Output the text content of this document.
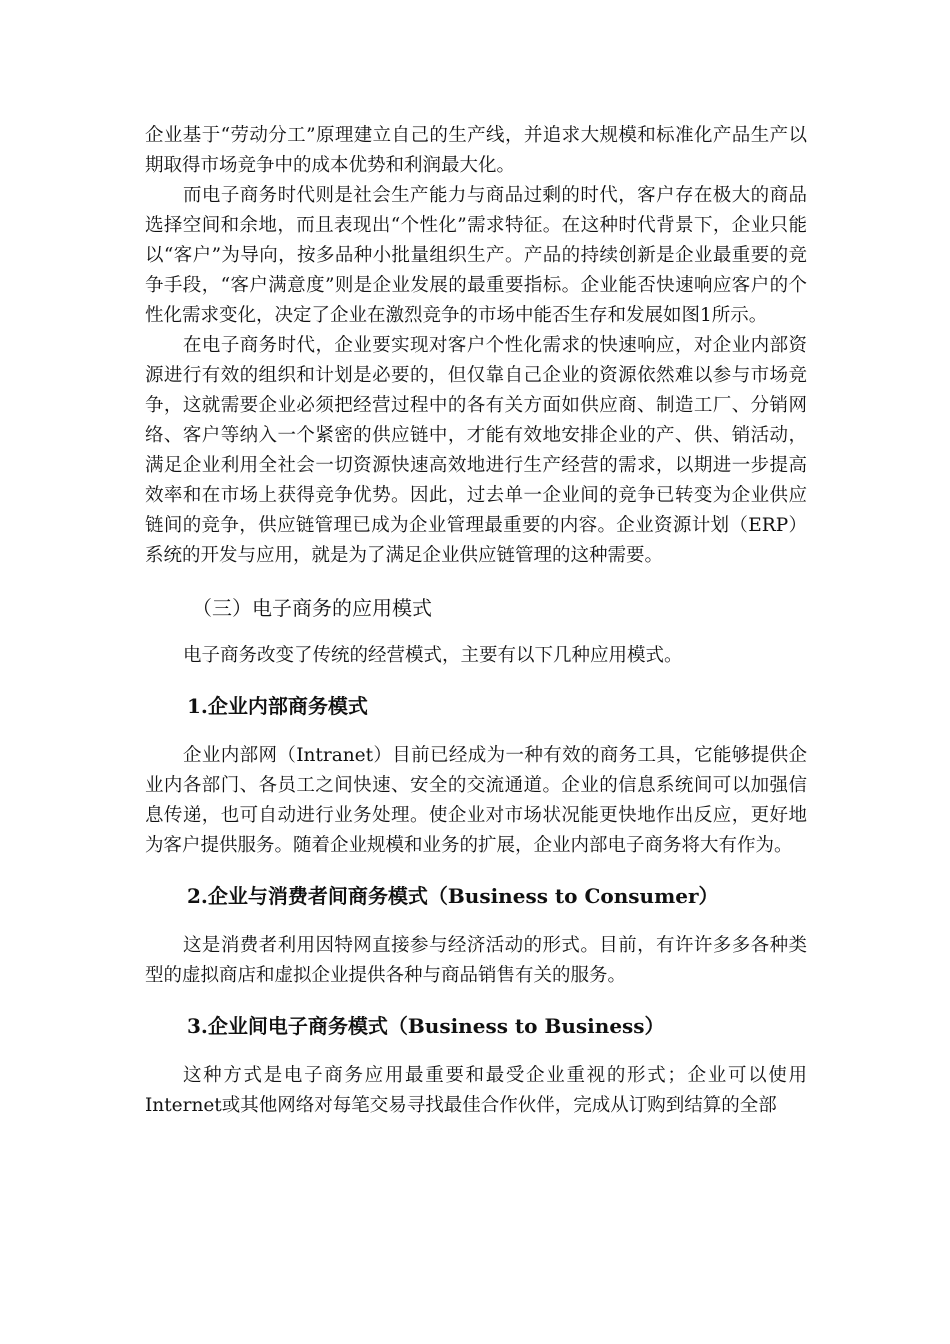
企业基于“劳动分工”原理建立自己的生产线，并追求大规模和标准化产品生产以期取得市场竞争中的成本优势和利润最大化。

而电子商务时代则是社会生产能力与商品过剩的时代，客户存在极大的商品选择空间和余地，而且表现出“个性化”需求特征。在这种时代背景下，企业只能以“客户”为导向，按多品种小批量组织生产。产品的持续创新是企业最重要的竞争手段，“客户满意度”则是企业发展的最重要指标。企业能否快速响应客户的个性化需求变化，决定了企业在激烈竞争的市场中能否生存和发展如图1所示。

在电子商务时代，企业要实现对客户个性化需求的快速响应，对企业内部资源进行有效的组织和计划是必要的，但仅靠自己企业的资源依然难以参与市场竞争，这就需要企业必须把经营过程中的各有关方面如供应商、制造工厂、分销网络、客户等纳入一个紧密的供应链中，才能有效地安排企业的产、供、销活动，满足企业利用全社会一切资源快速高效地进行生产经营的需求，以期进一步提高效率和在市场上获得竞争优势。因此，过去单一企业间的竞争已转变为企业供应链间的竞争，供应链管理已成为企业管理最重要的内容。企业资源计划（ERP）系统的开发与应用，就是为了满足企业供应链管理的这种需要。

（三）电子商务的应用模式

电子商务改变了传统的经营模式，主要有以下几种应用模式。

1.企业内部商务模式

企业内部网（Intranet）目前已经成为一种有效的商务工具，它能够提供企业内各部门、各员工之间快速、安全的交流通道。企业的信息系统间可以加强信息传递，也可自动进行业务处理。使企业对市场状况能更快地作出反应，更好地为客户提供服务。随着企业规模和业务的扩展，企业内部电子商务将大有作为。

2.企业与消费者间商务模式（Business to Consumer）

这是消费者利用因特网直接参与经济活动的形式。目前，有许许多多各种类型的虚拟商店和虚拟企业提供各种与商品销售有关的服务。

3.企业间电子商务模式（Business to Business）

这种方式是电子商务应用最重要和最受企业重视的形式；企业可以使用Internet或其他网络对每笔交易寻找最佳合作伙伴，完成从订购到结算的全部
